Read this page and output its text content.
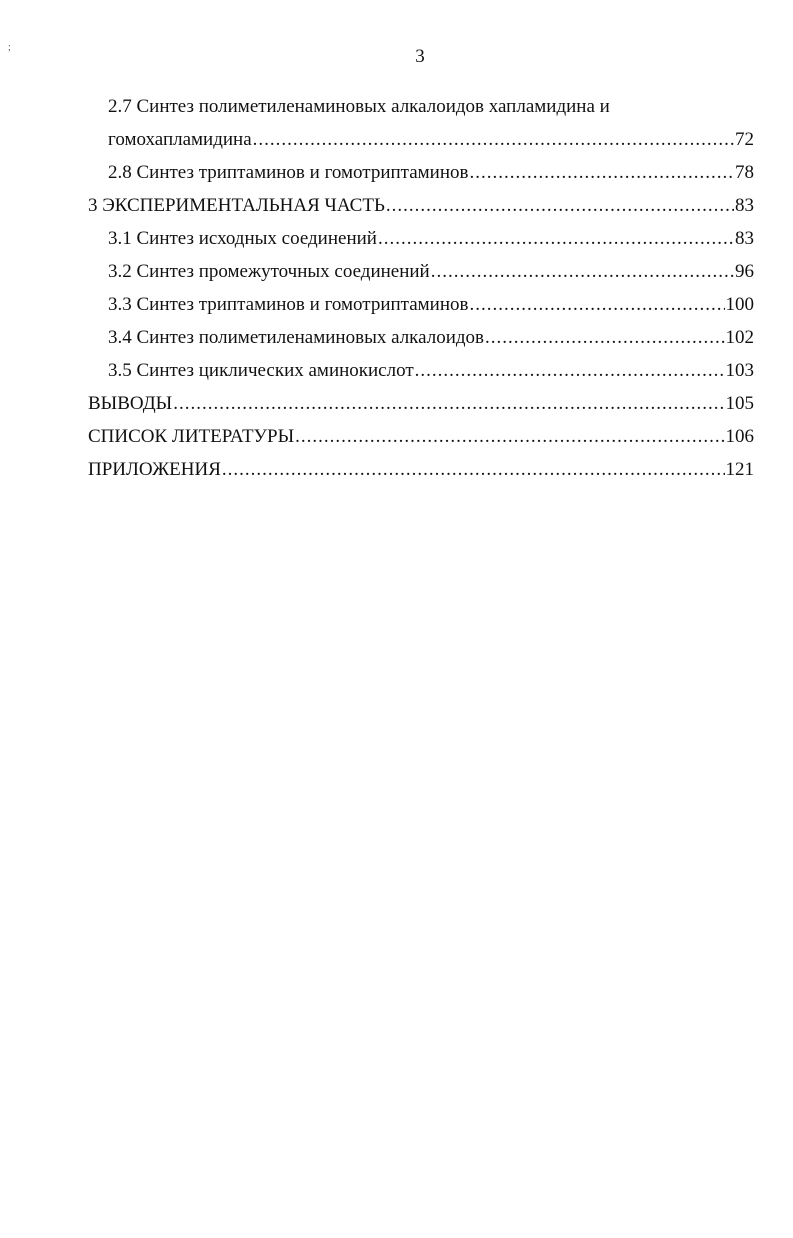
3
2.7 Синтез полиметиленаминовых алкалоидов хапламидина и
гомохапламидина .....	72
2.8 Синтез триптаминов и гомотриптаминов .....	78
3 ЭКСПЕРИМЕНТАЛЬНАЯ ЧАСТЬ .....	83
3.1 Синтез исходных соединений .....	83
3.2 Синтез промежуточных соединений .....	96
3.3 Синтез триптаминов и гомотриптаминов .....	100
3.4 Синтез полиметиленаминовых алкалоидов .....	102
3.5 Синтез циклических аминокислот .....	103
ВЫВОДЫ .....	105
СПИСОК ЛИТЕРАТУРЫ .....	106
ПРИЛОЖЕНИЯ .....	121
;
